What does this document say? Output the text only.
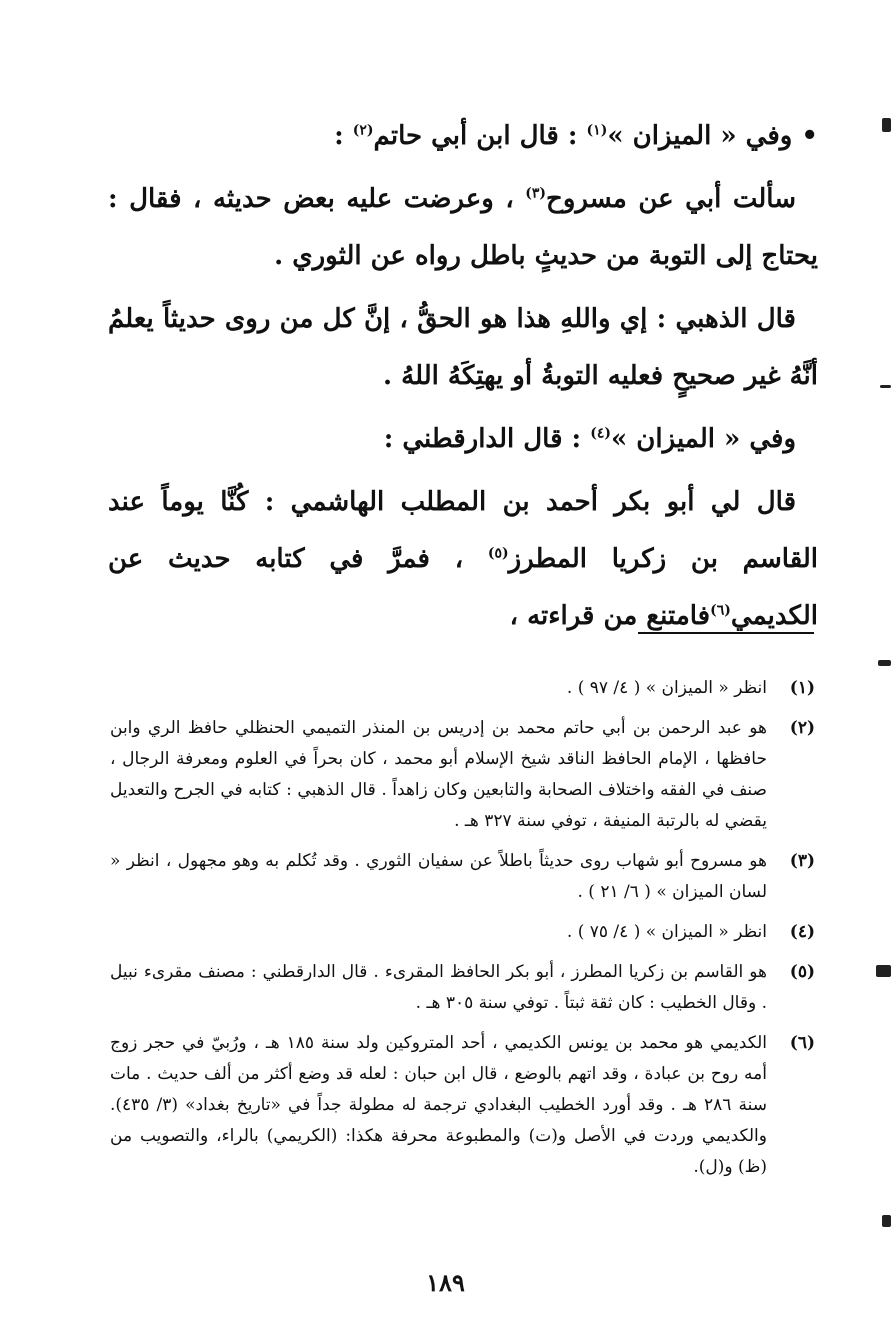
• وفي « الميزان »$^{(١)}$ : قال ابن أبي حاتم$^{(٢)}$ :

سألت أبي عن مسروح$^{(٣)}$ ، وعرضت عليه بعض حديثه ، فقال : يحتاج إلى التوبة من حديثٍ باطل رواه عن الثوري .

قال الذهبي : إي واللهِ هذا هو الحقُّ ، إنَّ كل من روى حديثاً يعلمُ أنَّهُ غير صحيحٍ فعليه التوبةُ أو يهتِكَهُ اللهُ .

وفي « الميزان »$^{(٤)}$ : قال الدارقطني :

قال لي أبو بكر أحمد بن المطلب الهاشمي : كُنَّا يوماً عند القاسم بن زكريا المطرز$^{(٥)}$ ، فمرَّ في كتابه حديث عن الكديمي$^{(٦)}$فامتنع من قراءته ،

(١)
انظر « الميزان » ( ٤/ ٩٧ ) .
(٢)
هو عبد الرحمن بن أبي حاتم محمد بن إدريس بن المنذر التميمي الحنظلي حافظ الري وابن حافظها ، الإمام الحافظ الناقد شيخ الإسلام أبو محمد ، كان بحراً في العلوم ومعرفة الرجال ، صنف في الفقه واختلاف الصحابة والتابعين وكان زاهداً . قال الذهبي : كتابه في الجرح والتعديل يقضي له بالرتبة المنيفة ، توفي سنة ٣٢٧ هـ .
(٣)
هو مسروح أبو شهاب روى حديثاً باطلاً عن سفيان الثوري . وقد تُكلم به وهو مجهول ، انظر « لسان الميزان » ( ٦/ ٢١ ) .
(٤)
انظر « الميزان » ( ٤/ ٧٥ ) .
(٥)
هو القاسم بن زكريا المطرز ، أبو بكر الحافظ المقرىء . قال الدارقطني : مصنف مقرىء نبيل . وقال الخطيب : كان ثقة ثبتاً . توفي سنة ٣٠٥ هـ .
(٦)
الكديمي هو محمد بن يونس الكديمي ، أحد المتروكين ولد سنة ١٨٥ هـ ، ورُبيّ في حجر زوج أمه روح بن عبادة ، وقد اتهم بالوضع ، قال ابن حبان : لعله قد وضع أكثر من ألف حديث . مات سنة ٢٨٦ هـ . وقد أورد الخطيب البغدادي ترجمة له مطولة جداً في «تاريخ بغداد» (٣/ ٤٣٥). والكديمي وردت في الأصل و(ت) والمطبوعة محرفة هكذا: (الكريمي) بالراء، والتصويب من (ظ) و(ل).
١٨٩
